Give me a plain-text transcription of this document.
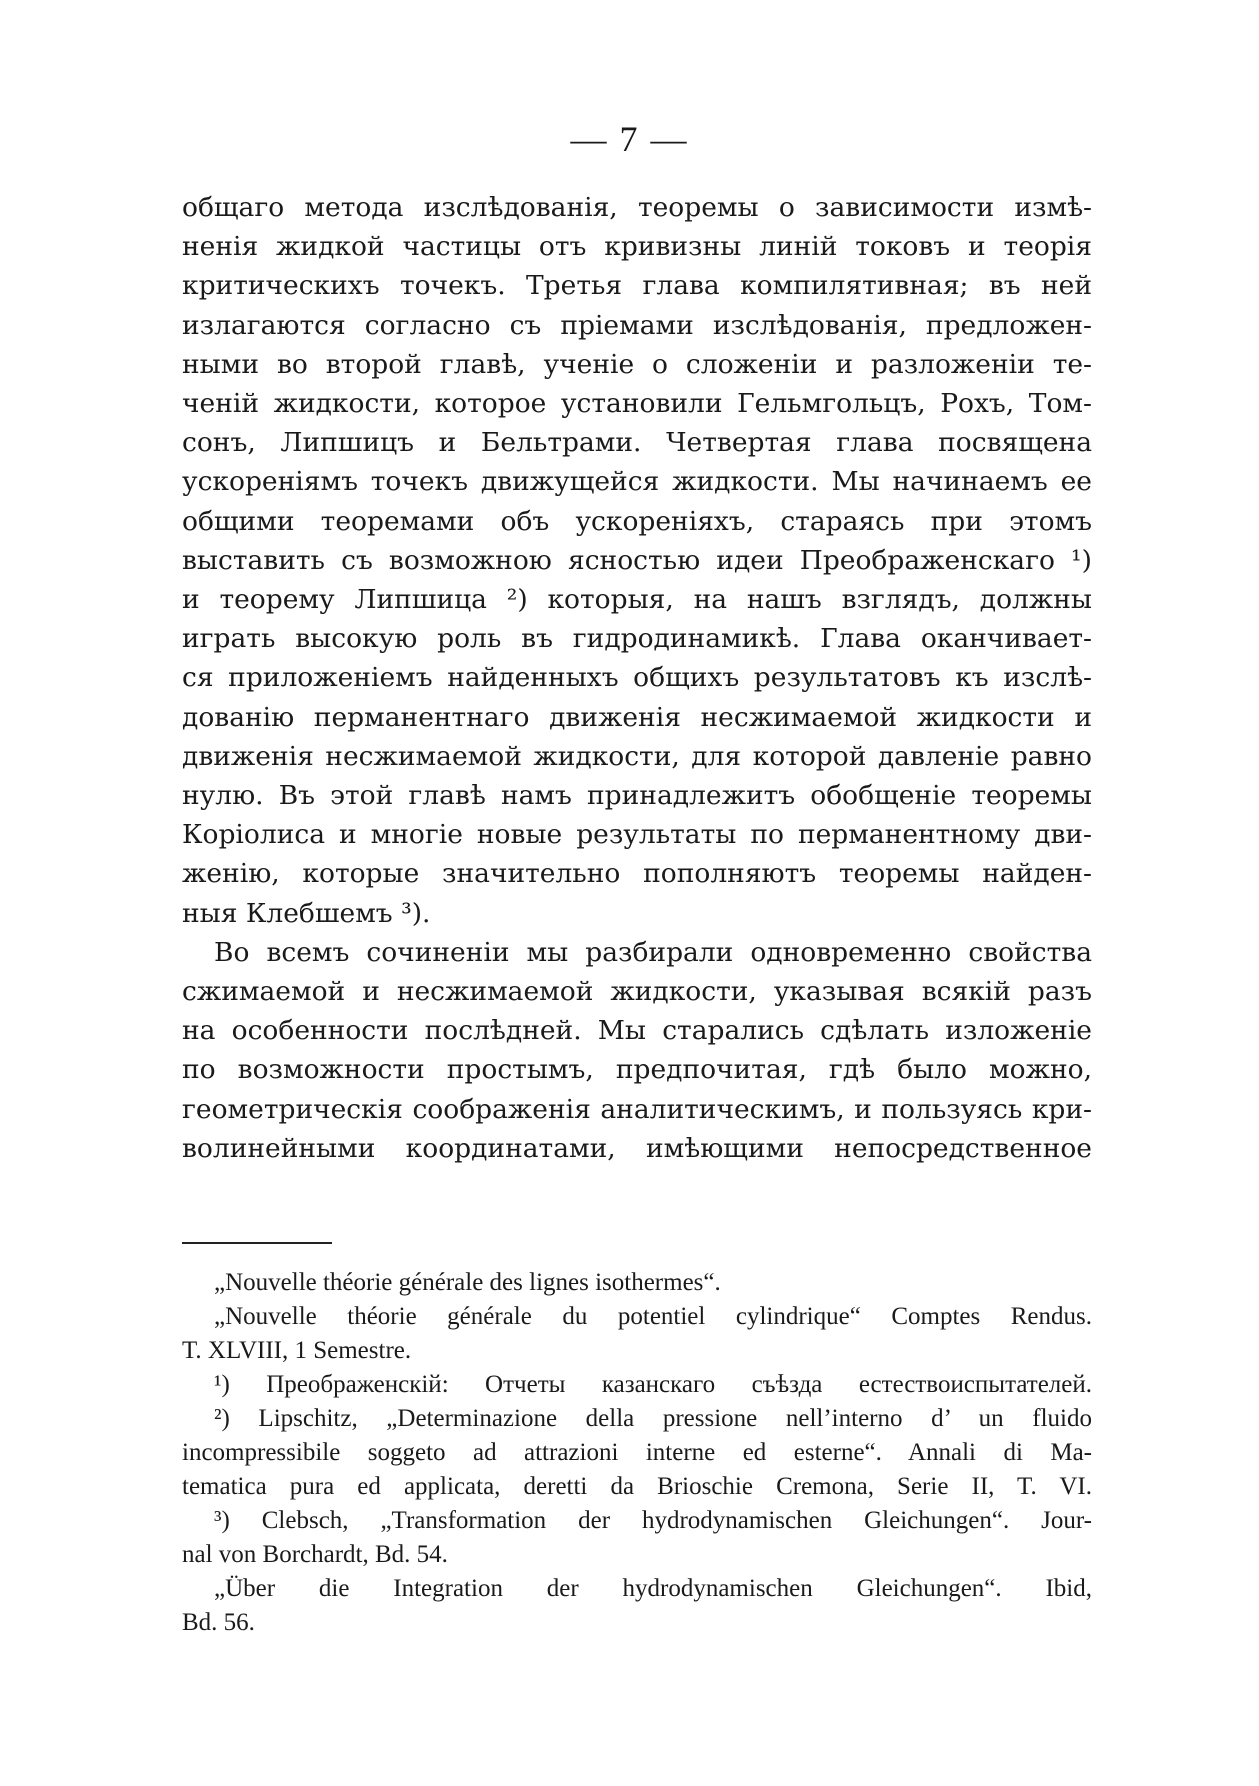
— 7 —
общаго метода изслѣдованія, теоремы о зависимости измѣ-
ненія жидкой частицы отъ кривизны линій токовъ и теорія
критическихъ точекъ. Третья глава компилятивная; въ ней
излагаются согласно съ пріемами изслѣдованія, предложен-
ными во второй главѣ, ученіе о сложеніи и разложеніи те-
ченій жидкости, которое установили Гельмгольцъ, Рохъ, Том-
сонъ, Липшицъ и Бельтрами. Четвертая глава посвящена
ускореніямъ точекъ движущейся жидкости. Мы начинаемъ ее
общими теоремами объ ускореніяхъ, стараясь при этомъ
выставить съ возможною ясностью идеи Преображенскаго ¹)
и теорему Липшица ²) которыя, на нашъ взглядъ, должны
играть высокую роль въ гидродинамикѣ. Глава оканчивает-
ся приложеніемъ найденныхъ общихъ результатовъ къ изслѣ-
дованію перманентнаго движенія несжимаемой жидкости и
движенія несжимаемой жидкости, для которой давленіе равно
нулю. Въ этой главѣ намъ принадлежитъ обобщеніе теоремы
Коріолиса и многіе новые результаты по перманентному дви-
женію, которые значительно пополняютъ теоремы найден-
ныя Клебшемъ ³).
Во всемъ сочиненіи мы разбирали одновременно свойства
сжимаемой и несжимаемой жидкости, указывая всякій разъ
на особенности послѣдней. Мы старались сдѣлать изложеніе
по возможности простымъ, предпочитая, гдѣ было можно,
геометрическія соображенія аналитическимъ, и пользуясь кри-
волинейными координатами, имѣющими непосредственное
„Nouvelle théorie générale des lignes isothermes“.
„Nouvelle théorie générale du potentiel cylindrique“ Comptes Rendus.
T. XLVIII, 1 Semestre.
¹) Преображенскій: Отчеты казанскаго съѣзда естествоиспытателей.
²) Lipschitz, „Determinazione della pressione nell’interno d’ un fluido
incompressibile soggeto ad attrazioni interne ed esterne“. Annali di Ma-
tematica pura ed applicata, deretti da Brioschie Cremona, Serie II, T. VI.
³) Clebsch, „Transformation der hydrodynamischen Gleichungen“. Jour-
nal von Borchardt, Bd. 54.
„Über die Integration der hydrodynamischen Gleichungen“. Ibid,
Bd. 56.
